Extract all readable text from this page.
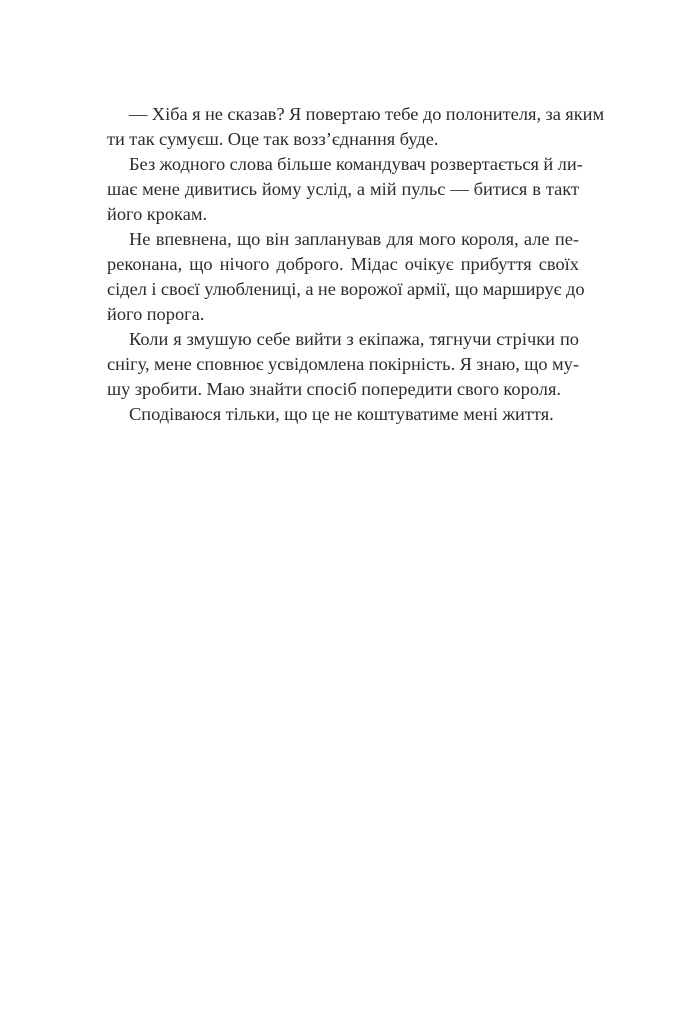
— Хіба я не сказав? Я повертаю тебе до полонителя, за яким
ти так сумуєш. Оце так возз’єднання буде.
Без жодного слова більше командувач розвертається й ли-
шає мене дивитись йому услід, а мій пульс — битися в такт
його крокам.
Не впевнена, що він запланував для мого короля, але пе-
реконана, що нічого доброго. Мідас очікує прибуття своїх
сідел і своєї улюблениці, а не ворожої армії, що марширує до
його порога.
Коли я змушую себе вийти з екіпажа, тягнучи стрічки по
снігу, мене сповнює усвідомлена покірність. Я знаю, що му-
шу зробити. Маю знайти спосіб попередити свого короля.
Сподіваюся тільки, що це не коштуватиме мені життя.
